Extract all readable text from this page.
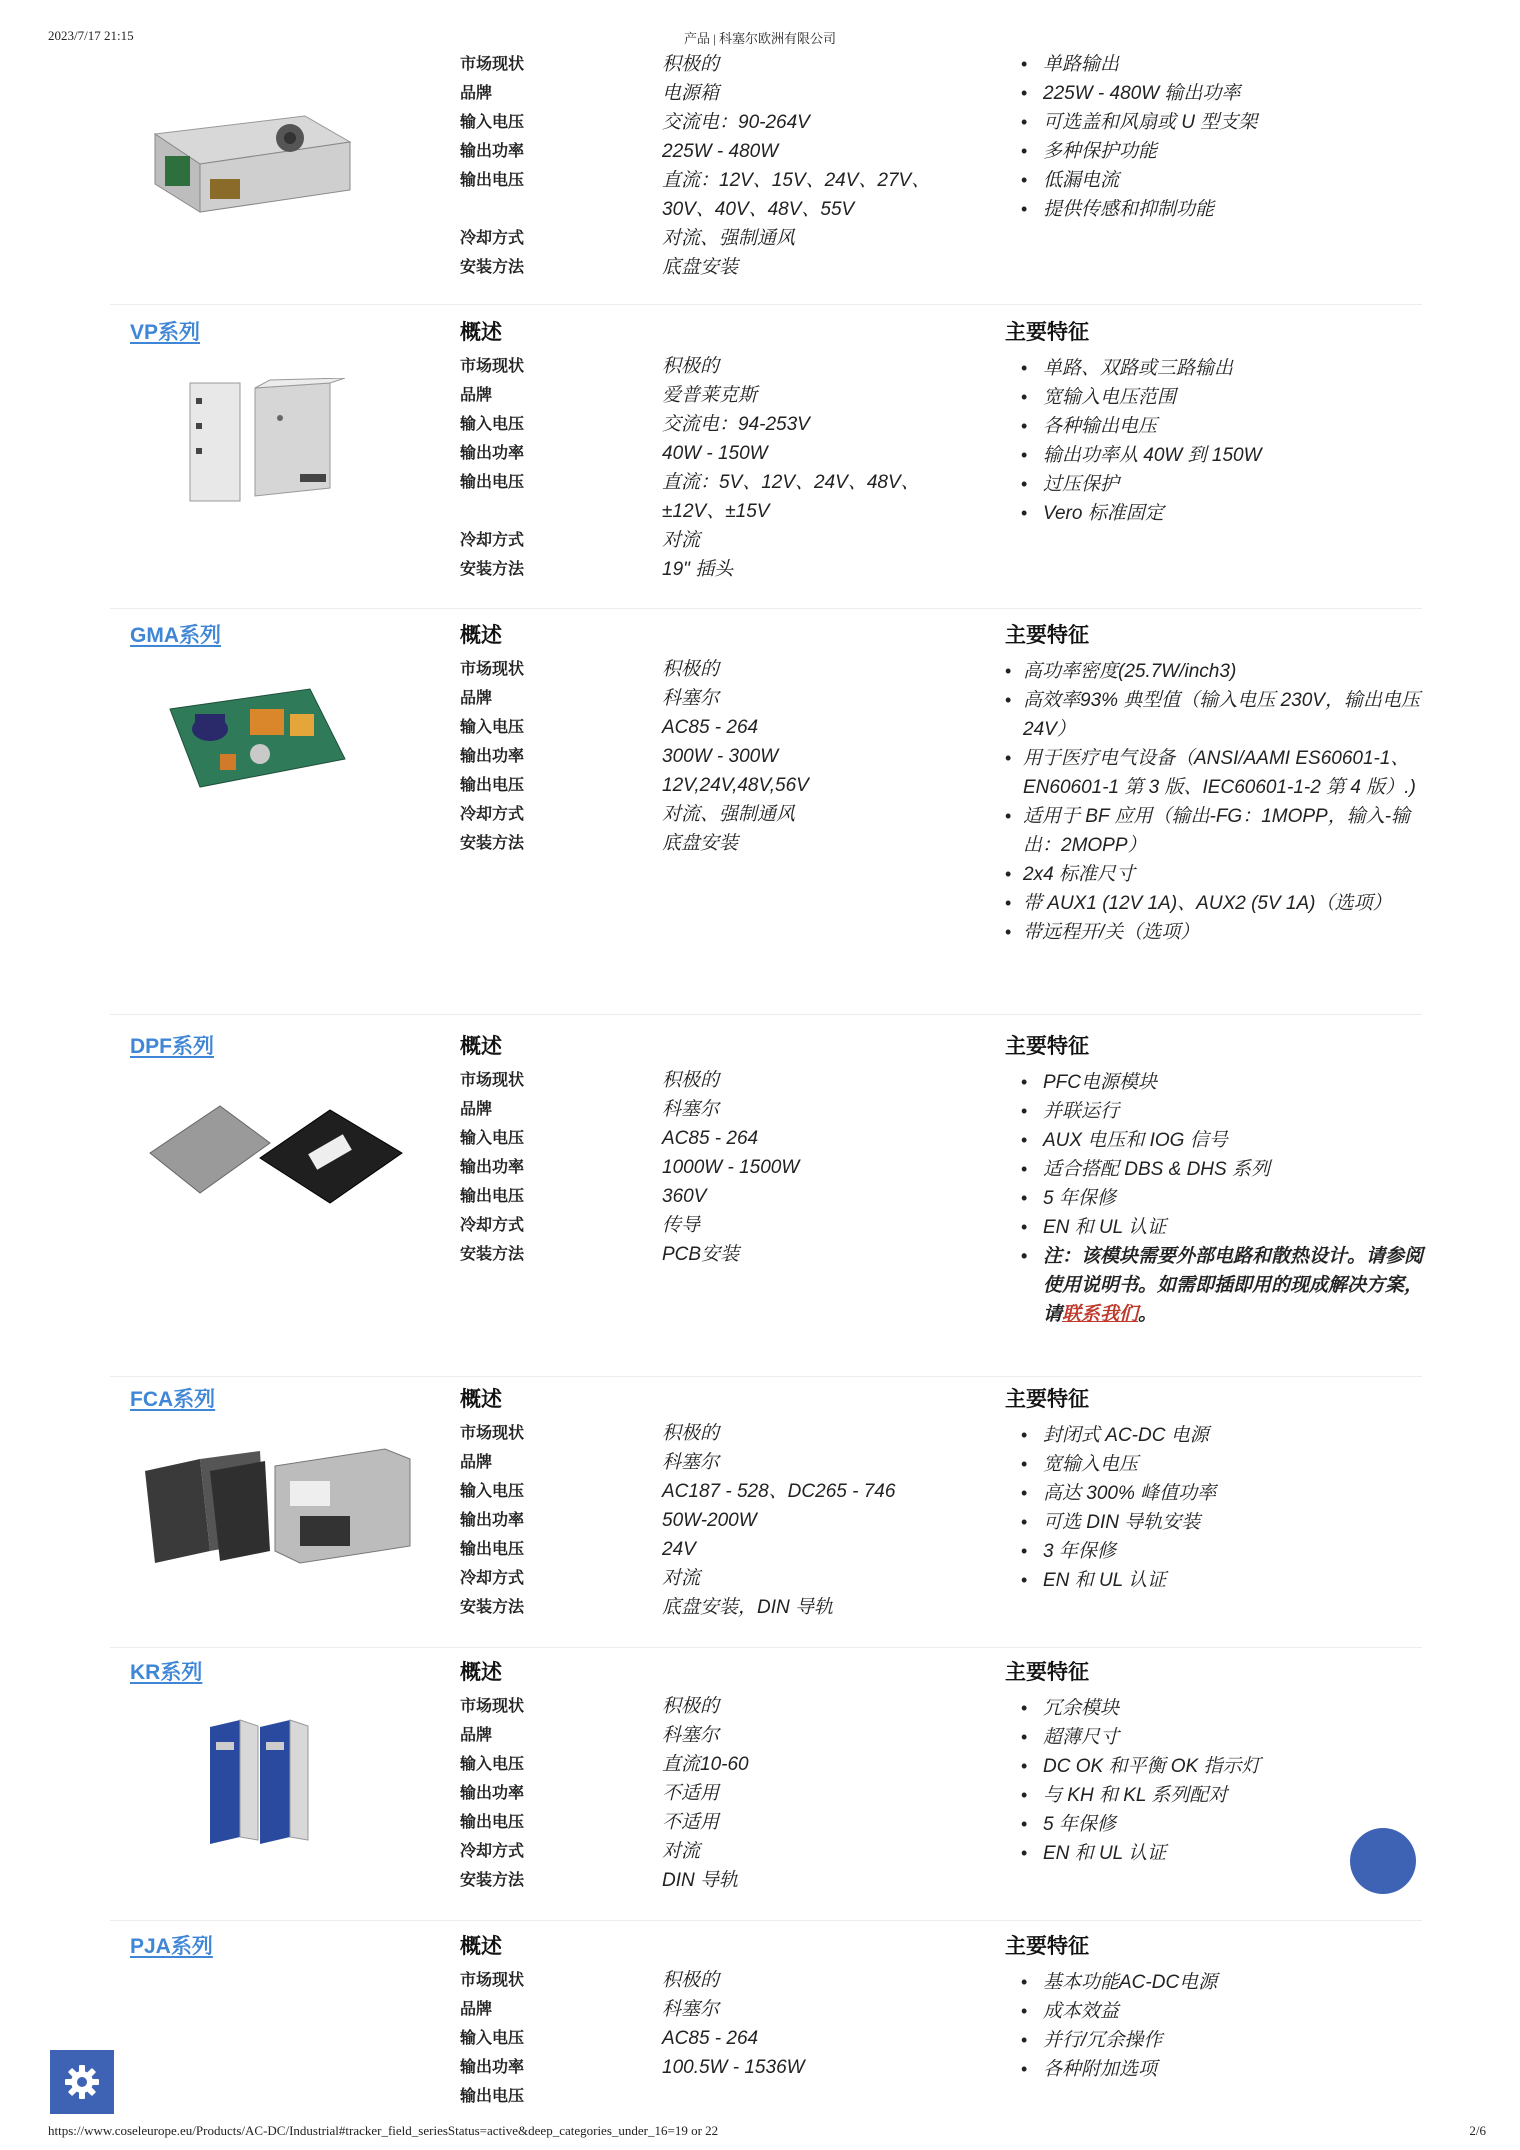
2023/7/17 21:15	产品 | 科塞尔欧洲有限公司
市场现状	积极的
品牌	电源箱
输入电压	交流电：90-264V
输出功率	225W - 480W
输出电压	直流：12V、15V、24V、27V、30V、40V、48V、55V
冷却方式	对流、强制通风
安装方法	底盘安装
• 单路输出
• 225W - 480W 输出功率
• 可选盖和风扇或 U 型支架
• 多种保护功能
• 低漏电流
• 提供传感和抑制功能
VP系列	概述	主要特征
市场现状	积极的
品牌	爱普莱克斯
输入电压	交流电：94-253V
输出功率	40W - 150W
输出电压	直流：5V、12V、24V、48V、±12V、±15V
冷却方式	对流
安装方法	19" 插头
• 单路、双路或三路输出
• 宽输入电压范围
• 各种输出电压
• 输出功率从 40W 到 150W
• 过压保护
• Vero 标准固定
GMA系列	概述	主要特征
市场现状	积极的
品牌	科塞尔
输入电压	AC85 - 264
输出功率	300W - 300W
输出电压	12V,24V,48V,56V
冷却方式	对流、强制通风
安装方法	底盘安装
• 高功率密度(25.7W/inch3)
• 高效率93% 典型值（输入电压 230V，输出电压 24V）
• 用于医疗电气设备（ANSI/AAMI ES60601-1、EN60601-1 第 3 版、IEC60601-1-2 第 4 版）.)
• 适用于 BF 应用（输出-FG：1MOPP，输入-输出：2MOPP）
• 2x4 标准尺寸
• 带 AUX1 (12V 1A)、AUX2 (5V 1A)（选项）
• 带远程开/关（选项）
DPF系列	概述	主要特征
市场现状	积极的
品牌	科塞尔
输入电压	AC85 - 264
输出功率	1000W - 1500W
输出电压	360V
冷却方式	传导
安装方法	PCB安装
• PFC电源模块
• 并联运行
• AUX 电压和 IOG 信号
• 适合搭配 DBS & DHS 系列
• 5 年保修
• EN 和 UL 认证
• 注：该模块需要外部电路和散热设计。请参阅使用说明书。如需即插即用的现成解决方案，请联系我们。
FCA系列	概述	主要特征
市场现状	积极的
品牌	科塞尔
输入电压	AC187 - 528、DC265 - 746
输出功率	50W-200W
输出电压	24V
冷却方式	对流
安装方法	底盘安装，DIN 导轨
• 封闭式 AC-DC 电源
• 宽输入电压
• 高达 300% 峰值功率
• 可选 DIN 导轨安装
• 3 年保修
• EN 和 UL 认证
KR系列	概述	主要特征
市场现状	积极的
品牌	科塞尔
输入电压	直流10-60
输出功率	不适用
输出电压	不适用
冷却方式	对流
安装方法	DIN 导轨
• 冗余模块
• 超薄尺寸
• DC OK 和平衡 OK 指示灯
• 与 KH 和 KL 系列配对
• 5 年保修
• EN 和 UL 认证
PJA系列	概述	主要特征
市场现状	积极的
品牌	科塞尔
输入电压	AC85 - 264
输出功率	100.5W - 1536W
输出电压
• 基本功能AC-DC电源
• 成本效益
• 并行/冗余操作
• 各种附加选项
https://www.coseleurope.eu/Products/AC-DC/Industrial#tracker_field_seriesStatus=active&deep_categories_under_16=19 or 22	2/6
